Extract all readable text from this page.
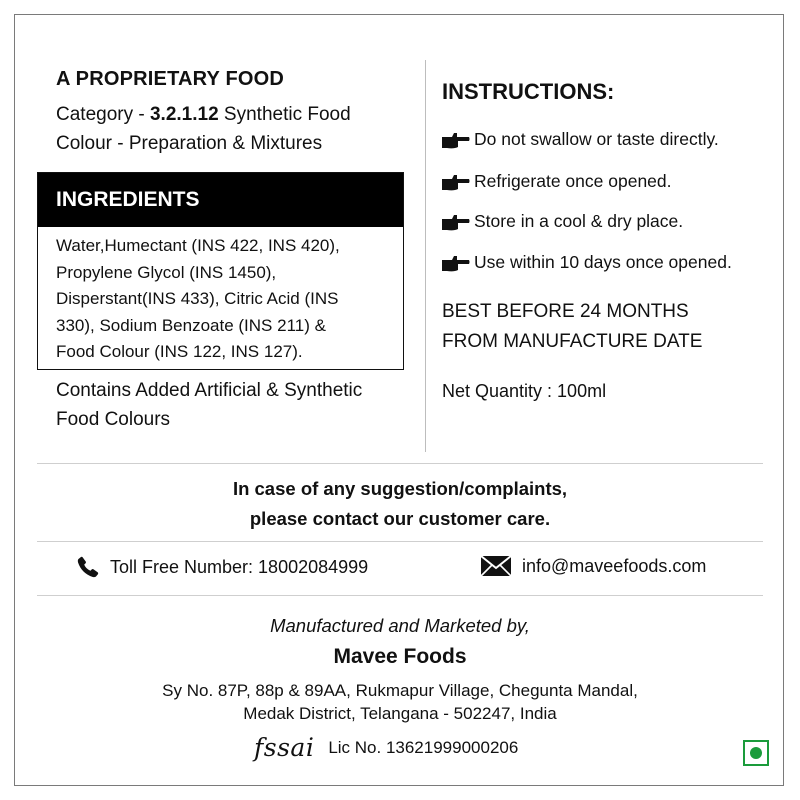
A PROPRIETARY FOOD
Category - 3.2.1.12 Synthetic Food
Colour - Preparation & Mixtures
INGREDIENTS
Water,Humectant (INS 422, INS 420),
Propylene Glycol (INS 1450),
Disperstant(INS 433), Citric Acid (INS
330), Sodium Benzoate (INS 211) &
Food Colour (INS 122, INS 127).
Contains Added Artificial & Synthetic
Food Colours
INSTRUCTIONS:
Do not swallow or taste directly.
Refrigerate once opened.
Store in a cool & dry place.
Use within 10 days once opened.
BEST BEFORE 24 MONTHS
FROM MANUFACTURE DATE
Net Quantity : 100ml
In case of any suggestion/complaints,
please contact our customer care.
Toll Free Number: 18002084999	info@maveefoods.com
Manufactured and Marketed by,
Mavee Foods
Sy No. 87P, 88p & 89AA, Rukmapur Village, Chegunta Mandal,
Medak District, Telangana - 502247, India
fssai Lic No. 13621999000206
